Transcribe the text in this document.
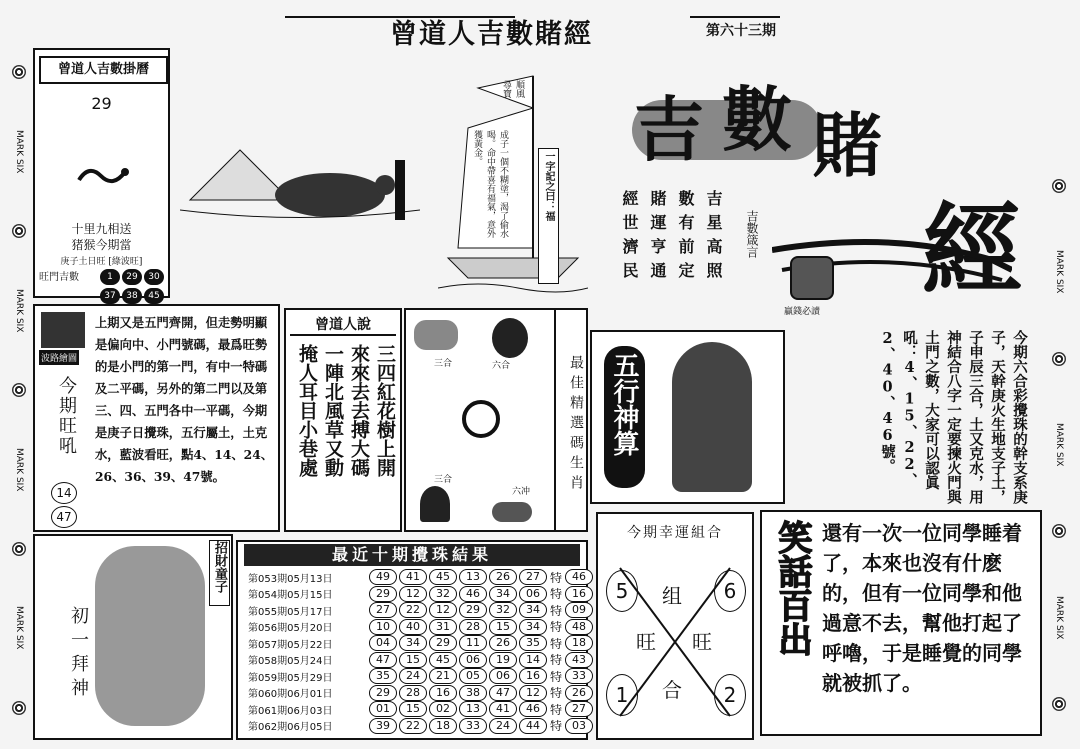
曾道人吉數賭經	第六十三期
MARK SIX
MARK SIX
MARK SIX
MARK SIX
MARK SIX
MARK SIX
MARK SIX
曾道人吉數掛曆
29
十里九相送
猪猴今期當
庚子土日旺 [綠波旺]
旺門吉數	1 29 3037 38 45
順風 尋寶
成子一個不糊塗，渴了偷水喝。命中帶喜有福氣，意外獲黃金。
一字記之曰：福
吉 數 賭
經
吉數箴言
吉星高照
數有前定
賭運亨通
經世濟民
贏錢必讀
波路繪圖
今期旺吼
14
47
上期又是五門齊開，但走勢明顯是偏向中、小門號碼，最爲旺勢的是小門的第一門，有中一特碼及二平碼，另外的第二門以及第三、四、五門各中一平碼，今期是庚子日攪珠，五行屬土，土克水，藍波看旺，點4、14、24、26、36、39、47號。
曾道人說
三四紅花樹上開
來來去去搏大碼
一陣北風草又動
掩人耳目小巷處	三合	六合
三合
六冲	最佳精選碼生肖 五行神算	今期六合彩攪珠的幹支系庚子，天幹庚火生地支子土，子申辰三合，土又克水，用神結合八字一定要揀火門與土門之數，大家可以認眞吼：4、15、22、2、40、46號。
招財童子
初一拜神
最近十期攪珠結果
第053期05月13日	49	41	45	13	26	27 特 46
第054期05月15日	29	12	32	46	34	06 特 16
第055期05月17日	27	22	12	29	32	34 特 09
第056期05月20日	10	40	31	28	15	34 特 48
第057期05月22日	04	34	29	11	26	35 特 18
第058期05月24日	47	15	45	06	19	14 特 43
第059期05月29日	35	24	21	05	06	16 特 33
第060期06月01日	29	28	16	38	47	12 特 26
第061期06月03日	01	15	02	13	41	46 特 27
第062期06月05日	39	22	18	33	24	44 特 03
今期幸運組合
5	6
1	2
组
旺 旺
合
笑話百出 還有一次一位同學睡着了，本來也沒有什麽的，但有一位同學和他過意不去，幫他打起了呼嚕，于是睡覺的同學就被抓了。
